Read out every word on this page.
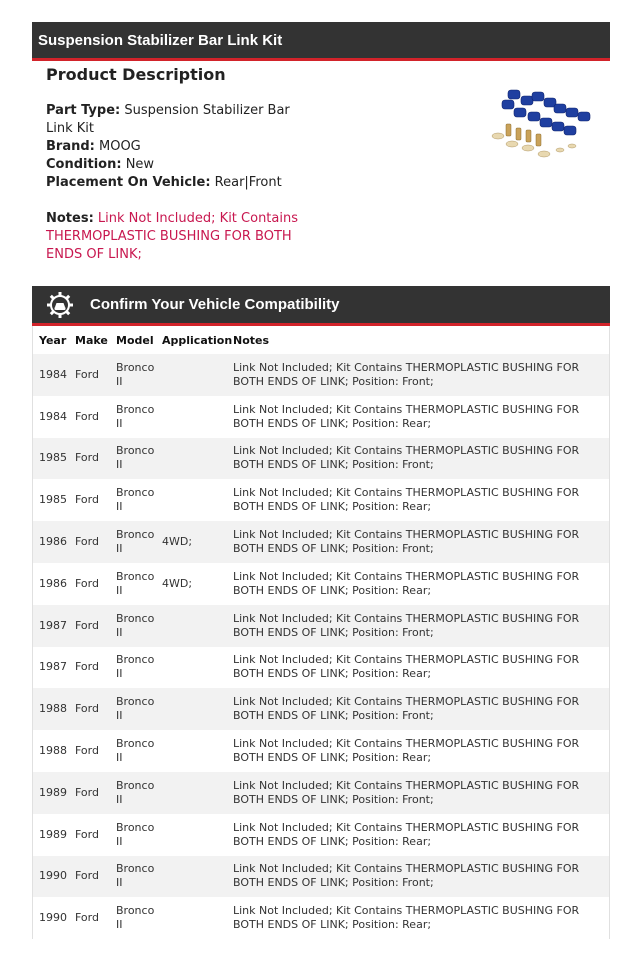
Suspension Stabilizer Bar Link Kit
Product Description
Part Type: Suspension Stabilizer Bar Link Kit
Brand: MOOG
Condition: New
Placement On Vehicle: Rear|Front
Notes: Link Not Included; Kit Contains THERMOPLASTIC BUSHING FOR BOTH ENDS OF LINK;
Confirm Your Vehicle Compatibility
Year	Make	Model	Application	Notes
1984	Ford	Bronco II		Link Not Included; Kit Contains THERMOPLASTIC BUSHING FOR BOTH ENDS OF LINK; Position: Front;
1984	Ford	Bronco II		Link Not Included; Kit Contains THERMOPLASTIC BUSHING FOR BOTH ENDS OF LINK; Position: Rear;
1985	Ford	Bronco II		Link Not Included; Kit Contains THERMOPLASTIC BUSHING FOR BOTH ENDS OF LINK; Position: Front;
1985	Ford	Bronco II		Link Not Included; Kit Contains THERMOPLASTIC BUSHING FOR BOTH ENDS OF LINK; Position: Rear;
1986	Ford	Bronco II	4WD;	Link Not Included; Kit Contains THERMOPLASTIC BUSHING FOR BOTH ENDS OF LINK; Position: Front;
1986	Ford	Bronco II	4WD;	Link Not Included; Kit Contains THERMOPLASTIC BUSHING FOR BOTH ENDS OF LINK; Position: Rear;
1987	Ford	Bronco II		Link Not Included; Kit Contains THERMOPLASTIC BUSHING FOR BOTH ENDS OF LINK; Position: Front;
1987	Ford	Bronco II		Link Not Included; Kit Contains THERMOPLASTIC BUSHING FOR BOTH ENDS OF LINK; Position: Rear;
1988	Ford	Bronco II		Link Not Included; Kit Contains THERMOPLASTIC BUSHING FOR BOTH ENDS OF LINK; Position: Front;
1988	Ford	Bronco II		Link Not Included; Kit Contains THERMOPLASTIC BUSHING FOR BOTH ENDS OF LINK; Position: Rear;
1989	Ford	Bronco II		Link Not Included; Kit Contains THERMOPLASTIC BUSHING FOR BOTH ENDS OF LINK; Position: Front;
1989	Ford	Bronco II		Link Not Included; Kit Contains THERMOPLASTIC BUSHING FOR BOTH ENDS OF LINK; Position: Rear;
1990	Ford	Bronco II		Link Not Included; Kit Contains THERMOPLASTIC BUSHING FOR BOTH ENDS OF LINK; Position: Front;
1990	Ford	Bronco II		Link Not Included; Kit Contains THERMOPLASTIC BUSHING FOR BOTH ENDS OF LINK; Position: Rear;
